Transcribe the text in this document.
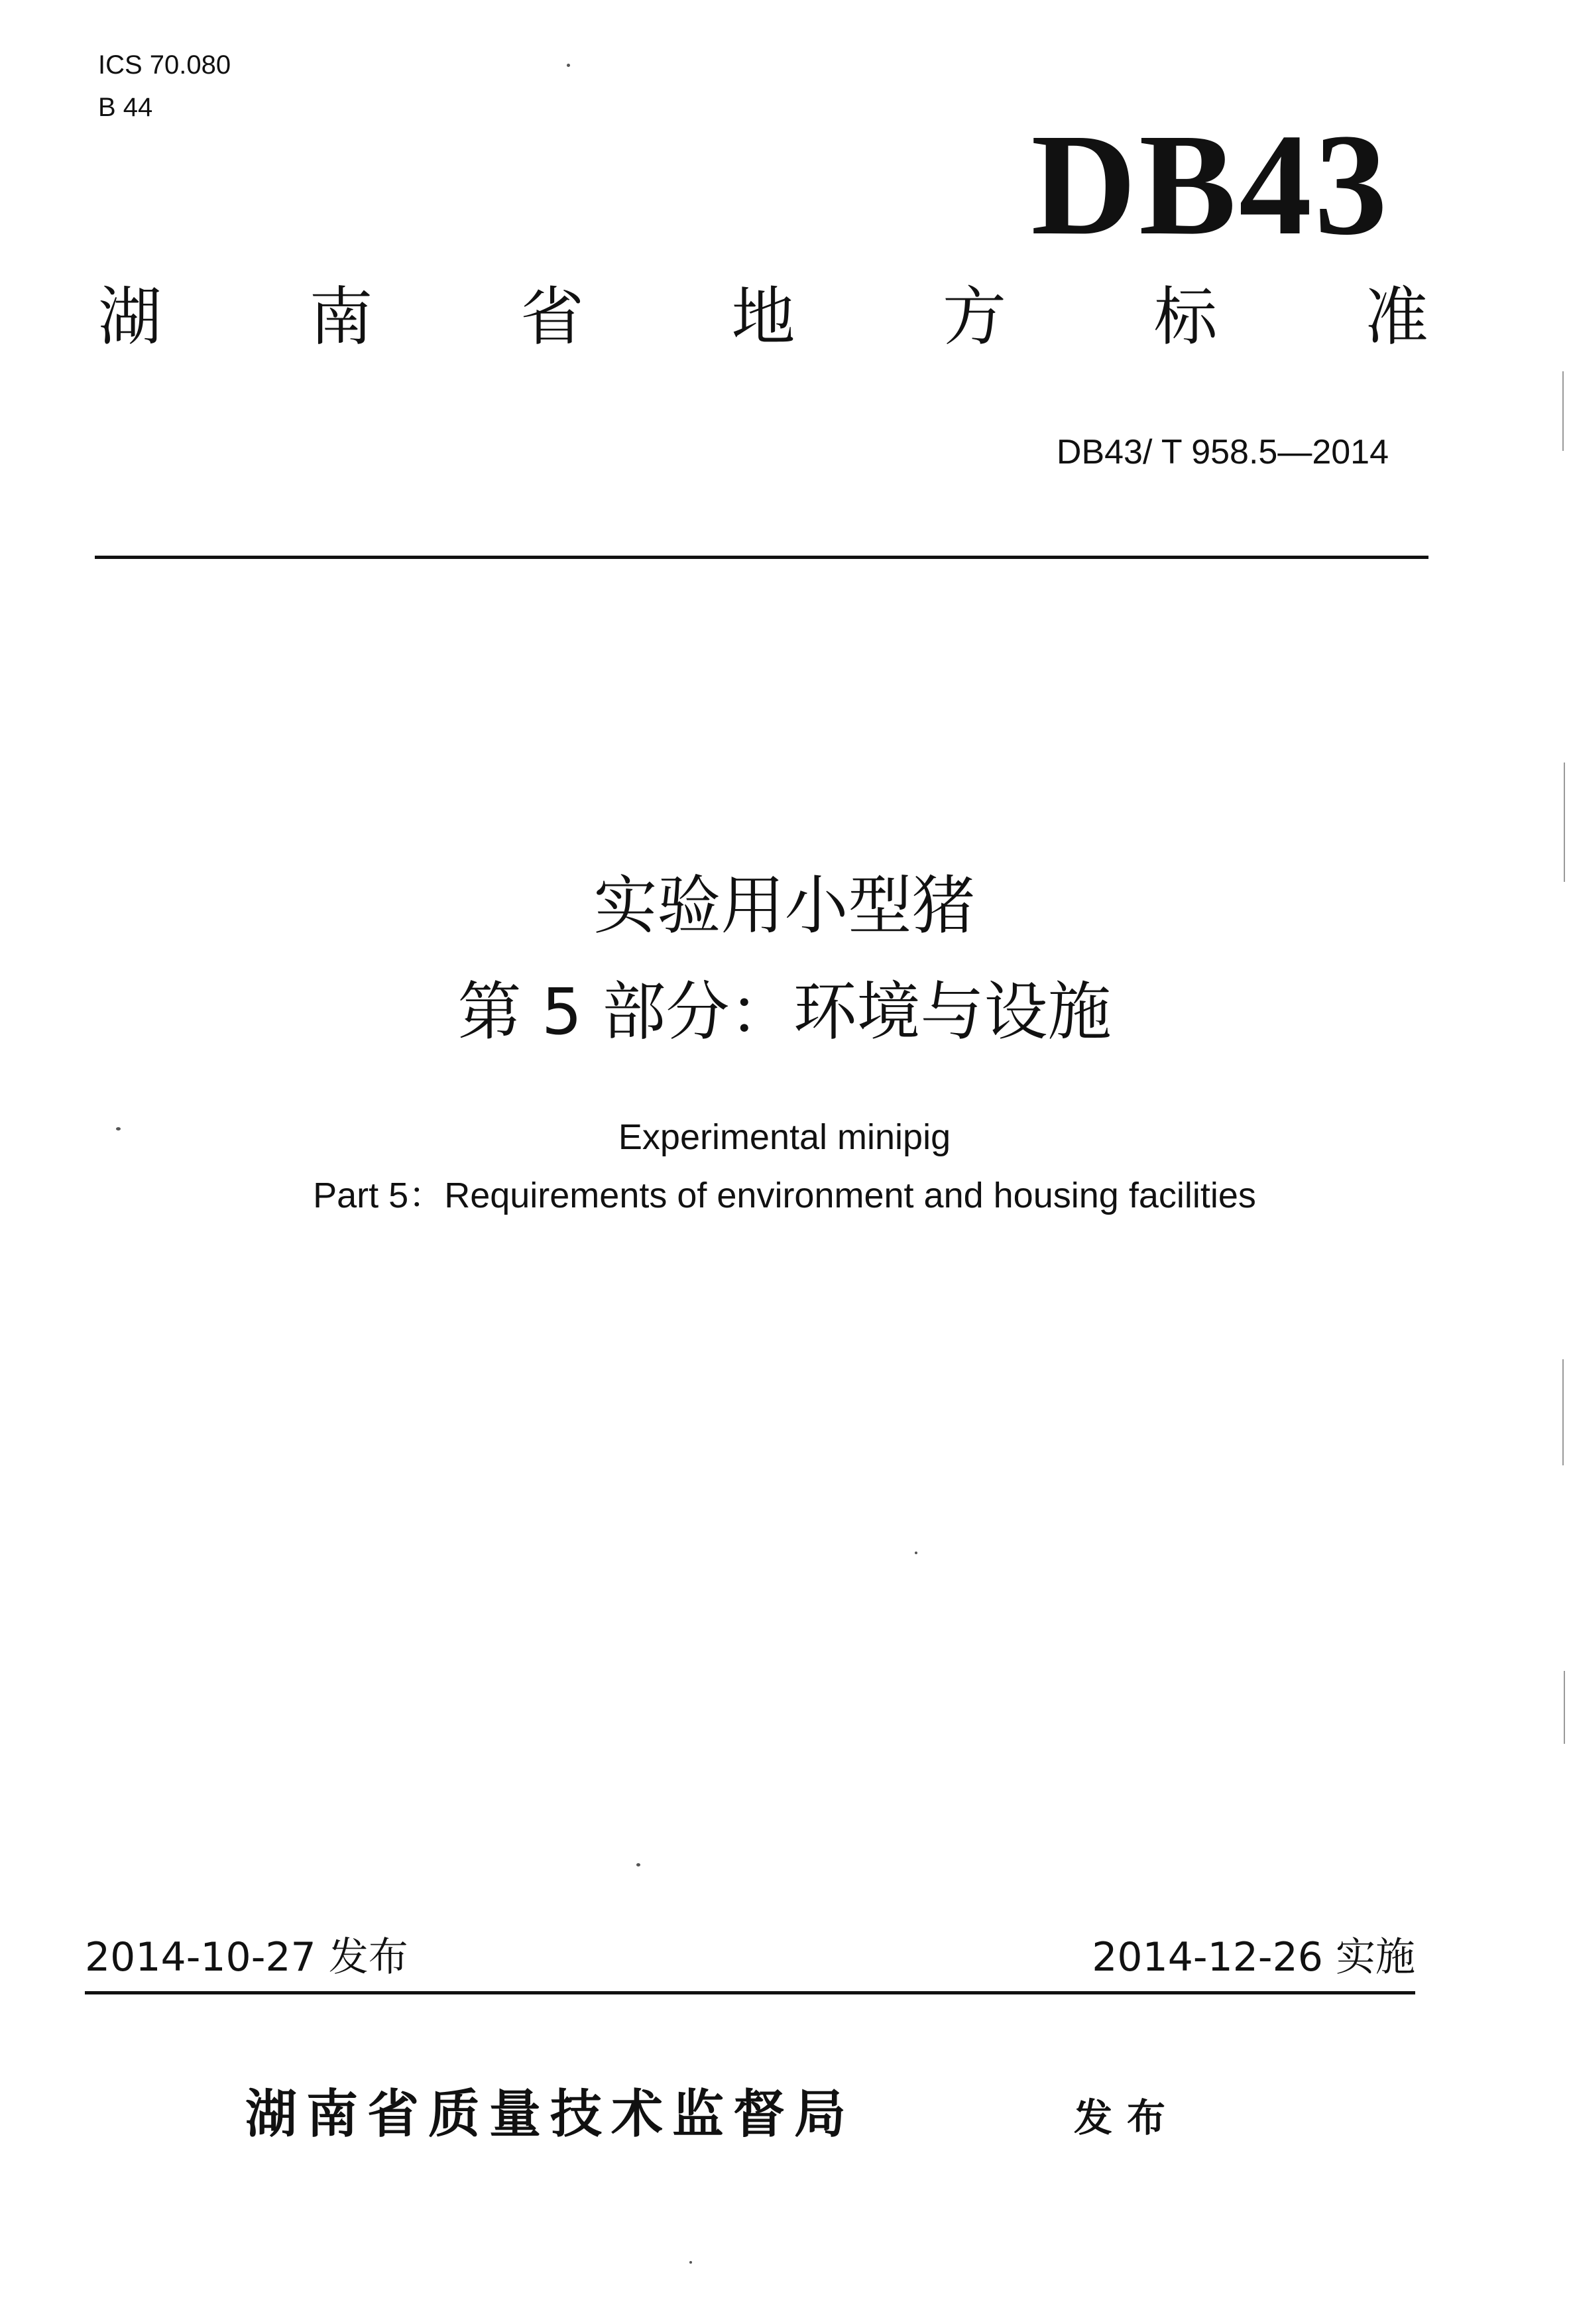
ICS 70.080
B 44	DB43
湖 南 省 地 方 标 准
DB43/ T 958.5—2014
实验用小型猪
第 5 部分：环境与设施
Experimental minipig
Part 5：Requirements of environment and housing facilities
2014-10-27 发布	2014-12-26 实施
湖南省质量技术监督局	发布
